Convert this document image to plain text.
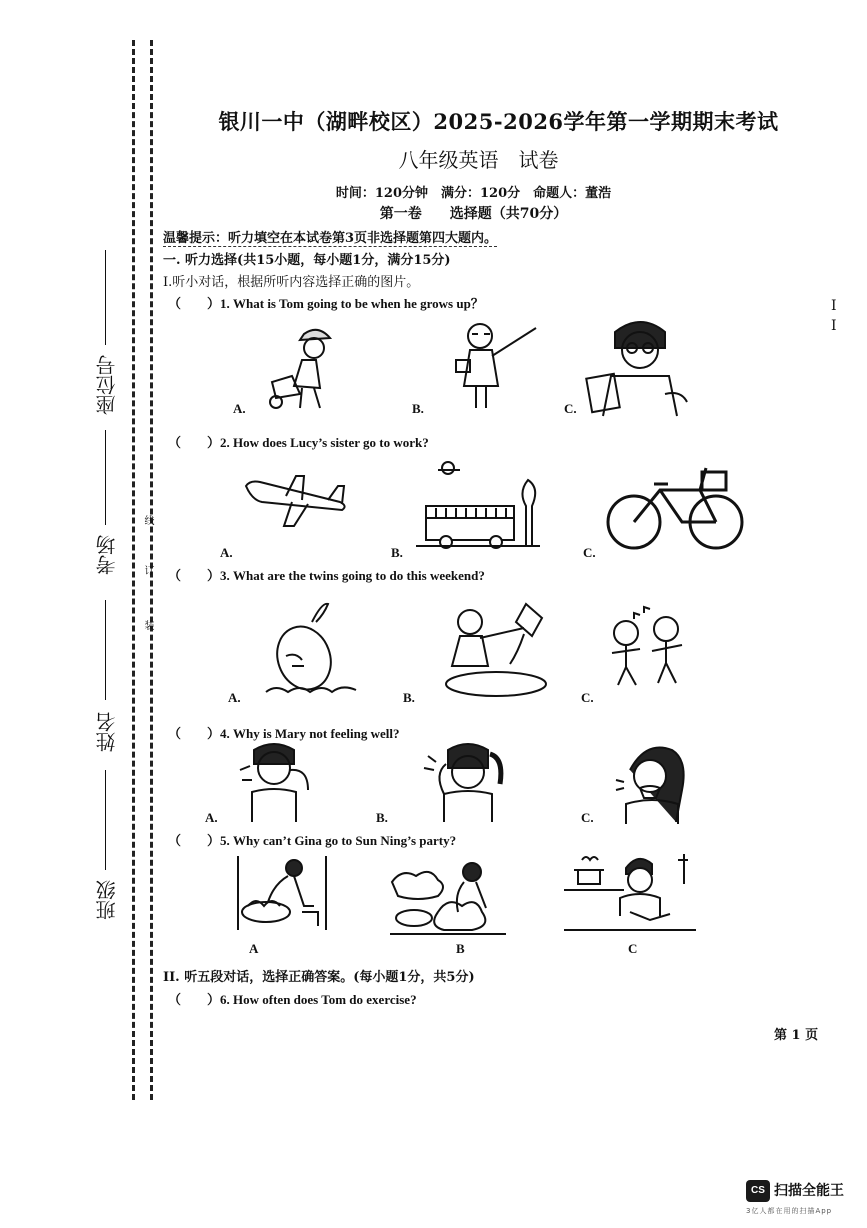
线
订
装
座位号
考场
姓名
班级
I
I
银川一中（湖畔校区）2025-2026学年第一学期期末考试
八年级英语　试卷
时间：120分钟　满分：120分　命题人：董浩
第一卷　　选择题（共70分）
温馨提示：听力填空在本试卷第3页非选择题第四大题内。
一. 听力选择(共15小题，每小题1分，满分15分)
I.听小对话，根据所听内容选择正确的图片。
（　　）1. What is Tom going to be when he grows up？
A.	B.	C.
（　　）2. How does Lucy’s sister go to work?
A.	B.	C.
（　　）3. What are the twins going to do this weekend?
A.	B.	C.
（　　）4. Why is Mary not feeling well?
A.	B.	C.
（　　）5. Why can’t Gina go to Sun Ning’s party?
A	B	C
II. 听五段对话，选择正确答案。(每小题1分，共5分)
（　　）6. How often does Tom do exercise?
第 1 页
CS 扫描全能王
3亿人都在用的扫描App
